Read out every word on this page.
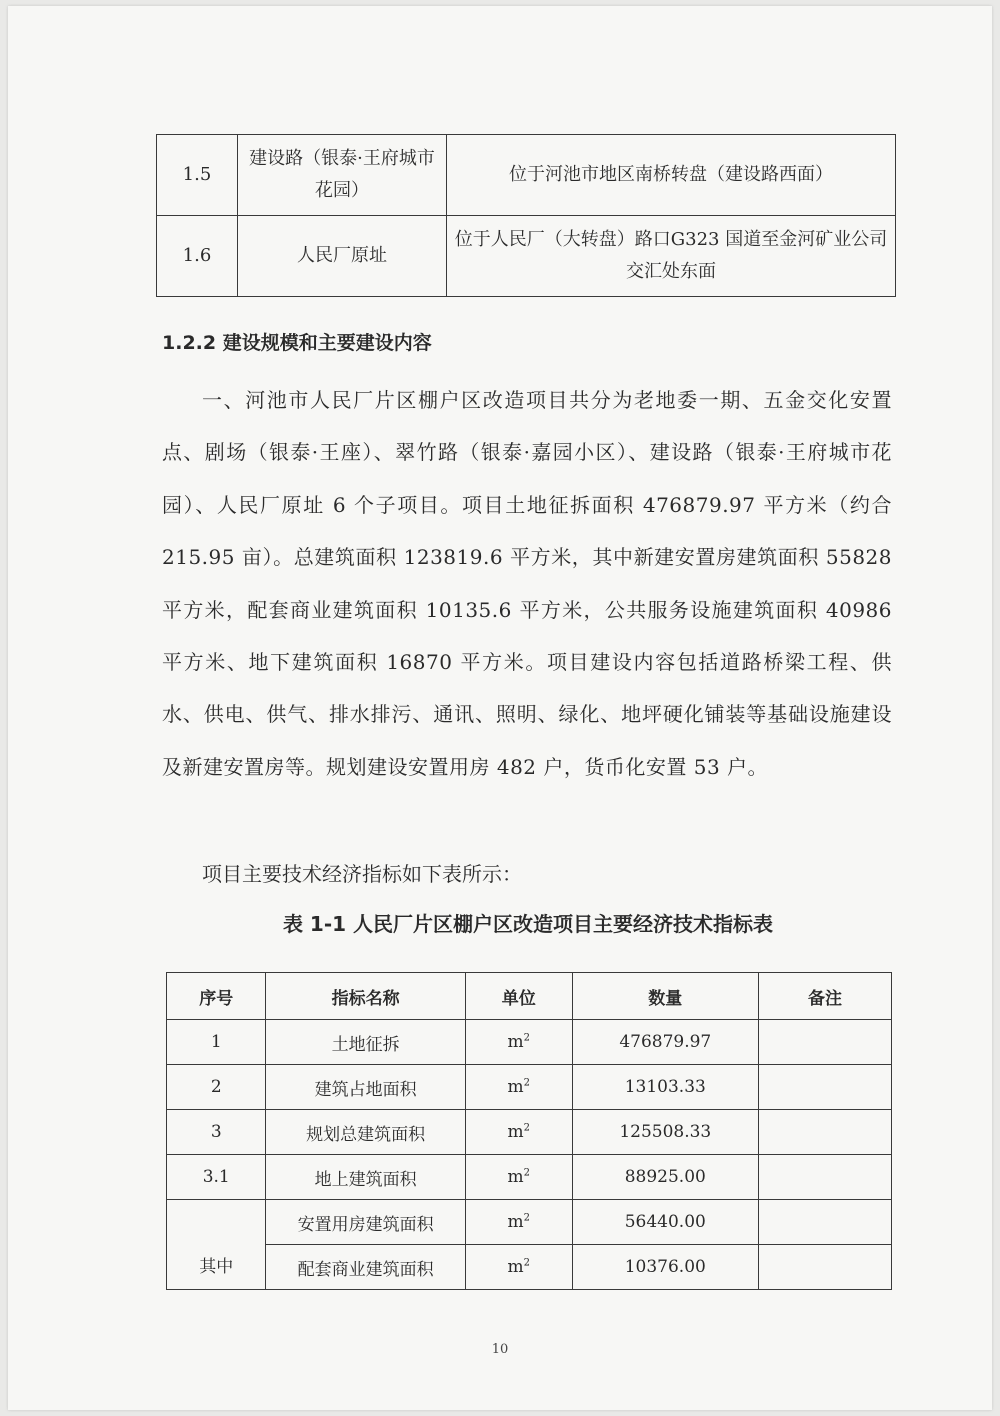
1.5	建设路（银泰·王府城市花园）	位于河池市地区南桥转盘（建设路西面）
1.6	人民厂原址	位于人民厂（大转盘）路口G323 国道至金河矿业公司交汇处东面
1.2.2 建设规模和主要建设内容
一、河池市人民厂片区棚户区改造项目共分为老地委一期、五金交化安置点、剧场（银泰·王座）、翠竹路（银泰·嘉园小区）、建设路（银泰·王府城市花园）、人民厂原址 6 个子项目。项目土地征拆面积 476879.97 平方米（约合 215.95 亩）。总建筑面积 123819.6 平方米，其中新建安置房建筑面积 55828 平方米，配套商业建筑面积 10135.6 平方米，公共服务设施建筑面积 40986 平方米、地下建筑面积 16870 平方米。项目建设内容包括道路桥梁工程、供水、供电、供气、排水排污、通讯、照明、绿化、地坪硬化铺装等基础设施建设及新建安置房等。规划建设安置用房 482 户，货币化安置 53 户。
项目主要技术经济指标如下表所示：
表 1-1 人民厂片区棚户区改造项目主要经济技术指标表
序号	指标名称	单位	数量	备注
1	土地征拆	$m^2$	476879.97	
2	建筑占地面积	$m^2$	13103.33	
3	规划总建筑面积	$m^2$	125508.33	
3.1	地上建筑面积	$m^2$	88925.00	
其中	安置用房建筑面积	$m^2$	56440.00	
	配套商业建筑面积	$m^2$	10376.00	
10
